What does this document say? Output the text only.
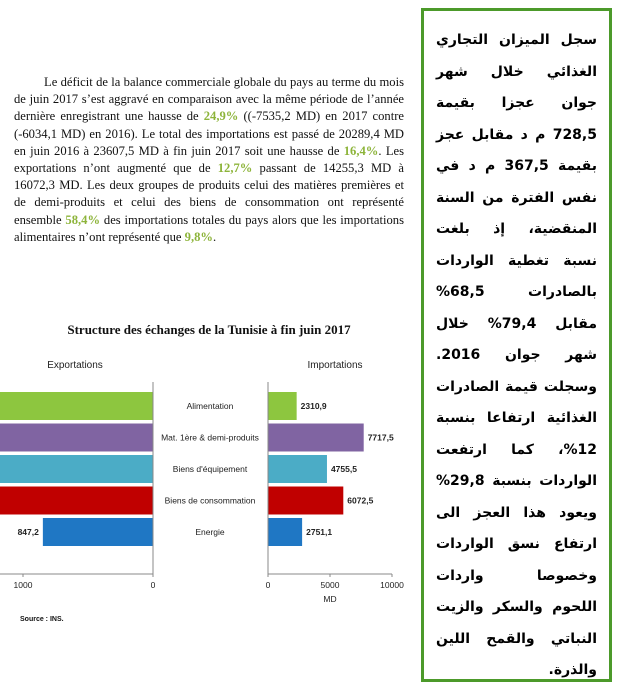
Le déficit de la balance commerciale globale du pays au terme du mois de juin 2017 s’est aggravé en comparaison avec la même période de l’année dernière enregistrant une hausse de 24,9% ((-7535,2 MD) en 2017 contre (-6034,1 MD) en 2016). Le total des importations est passé de 20289,4 MD en juin 2016 à 23607,5 MD à fin juin 2017 soit une hausse de 16,4%. Les exportations n’ont augmenté que de 12,7% passant de 14255,3 MD à 16072,3 MD. Les deux groupes de produits celui des matières premières et de demi-produits et celui des biens de consommation ont représenté ensemble 58,4% des importations totales du pays alors que les importations alimentaires n’ont représenté que 9,8%.

Structure des échanges de la Tunisie à fin juin 2017
Exportations	Importations
Alimentation	2310,9
Mat. 1ère & demi-produits	7717,5
Biens d'équipement	4755,5
Biens de consommation	6072,5
847,2	Energie	2751,1
1000	0	0	5000	10000
MD
Source : INS.

سجل الميزان التجاري الغذائي خلال شهر جوان عجزا بقيمة 728,5 م د مقابل عجز بقيمة 367,5 م د في نفس الفترة من السنة المنقضية، إذ بلغت نسبة تغطية الواردات بالصادرات 68,5% مقابل 79,4% خلال شهر جوان 2016. وسجلت قيمة الصادرات الغذائية ارتفاعا بنسبة 12%، كما ارتفعت الواردات بنسبة 29,8% ويعود هذا العجز الى ارتفاع نسق الواردات وخصوصا واردات اللحوم والسكر والزيت النباتي والقمح اللين والذرة.
